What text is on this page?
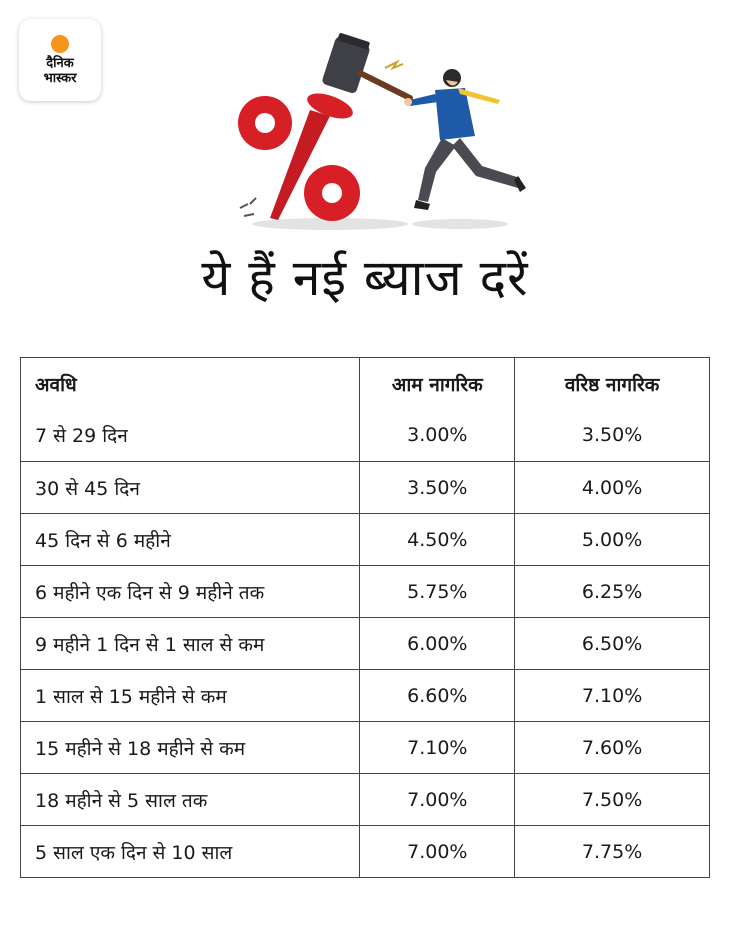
दैनिक
भास्कर
ये हैं नई ब्याज दरें
अवधि	आम नागरिक	वरिष्ठ नागरिक
7 से 29 दिन	3.00%	3.50%
30 से 45 दिन	3.50%	4.00%
45 दिन से 6 महीने	4.50%	5.00%
6 महीने एक दिन से 9 महीने तक	5.75%	6.25%
9 महीने 1 दिन से 1 साल से कम	6.00%	6.50%
1 साल से 15 महीने से कम	6.60%	7.10%
15 महीने से 18 महीने से कम	7.10%	7.60%
18 महीने से 5 साल तक	7.00%	7.50%
5 साल एक दिन से 10 साल	7.00%	7.75%
